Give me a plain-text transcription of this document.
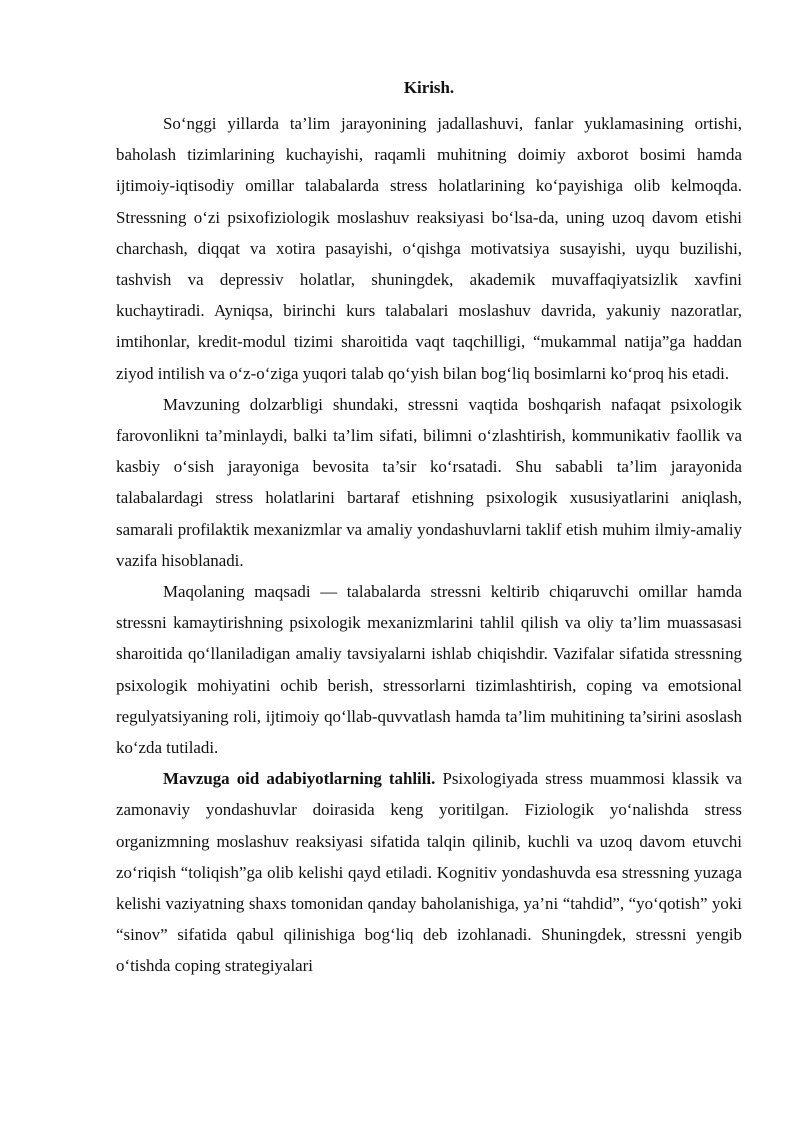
Kirish.

So‘nggi yillarda ta’lim jarayonining jadallashuvi, fanlar yuklamasining ortishi, baholash tizimlarining kuchayishi, raqamli muhitning doimiy axborot bosimi hamda ijtimoiy-iqtisodiy omillar talabalarda stress holatlarining ko‘payishiga olib kelmoqda. Stressning o‘zi psixofiziologik moslashuv reaksiyasi bo‘lsa-da, uning uzoq davom etishi charchash, diqqat va xotira pasayishi, o‘qishga motivatsiya susayishi, uyqu buzilishi, tashvish va depressiv holatlar, shuningdek, akademik muvaffaqiyatsizlik xavfini kuchaytiradi. Ayniqsa, birinchi kurs talabalari moslashuv davrida, yakuniy nazoratlar, imtihonlar, kredit-modul tizimi sharoitida vaqt taqchilligi, “mukammal natija”ga haddan ziyod intilish va o‘z-o‘ziga yuqori talab qo‘yish bilan bog‘liq bosimlarni ko‘proq his etadi.

Mavzuning dolzarbligi shundaki, stressni vaqtida boshqarish nafaqat psixologik farovonlikni ta’minlaydi, balki ta’lim sifati, bilimni o‘zlashtirish, kommunikativ faollik va kasbiy o‘sish jarayoniga bevosita ta’sir ko‘rsatadi. Shu sababli ta’lim jarayonida talabalardagi stress holatlarini bartaraf etishning psixologik xususiyatlarini aniqlash, samarali profilaktik mexanizmlar va amaliy yondashuvlarni taklif etish muhim ilmiy-amaliy vazifa hisoblanadi.

Maqolaning maqsadi — talabalarda stressni keltirib chiqaruvchi omillar hamda stressni kamaytirishning psixologik mexanizmlarini tahlil qilish va oliy ta’lim muassasasi sharoitida qo‘llaniladigan amaliy tavsiyalarni ishlab chiqishdir. Vazifalar sifatida stressning psixologik mohiyatini ochib berish, stressorlarni tizimlashtirish, coping va emotsional regulyatsiyaning roli, ijtimoiy qo‘llab-quvvatlash hamda ta’lim muhitining ta’sirini asoslash ko‘zda tutiladi.

Mavzuga oid adabiyotlarning tahlili. Psixologiyada stress muammosi klassik va zamonaviy yondashuvlar doirasida keng yoritilgan. Fiziologik yo‘nalishda stress organizmning moslashuv reaksiyasi sifatida talqin qilinib, kuchli va uzoq davom etuvchi zo‘riqish “toliqish”ga olib kelishi qayd etiladi. Kognitiv yondashuvda esa stressning yuzaga kelishi vaziyatning shaxs tomonidan qanday baholanishiga, ya’ni “tahdid”, “yo‘qotish” yoki “sinov” sifatida qabul qilinishiga bog‘liq deb izohlanadi. Shuningdek, stressni yengib o‘tishda coping strategiyalari
